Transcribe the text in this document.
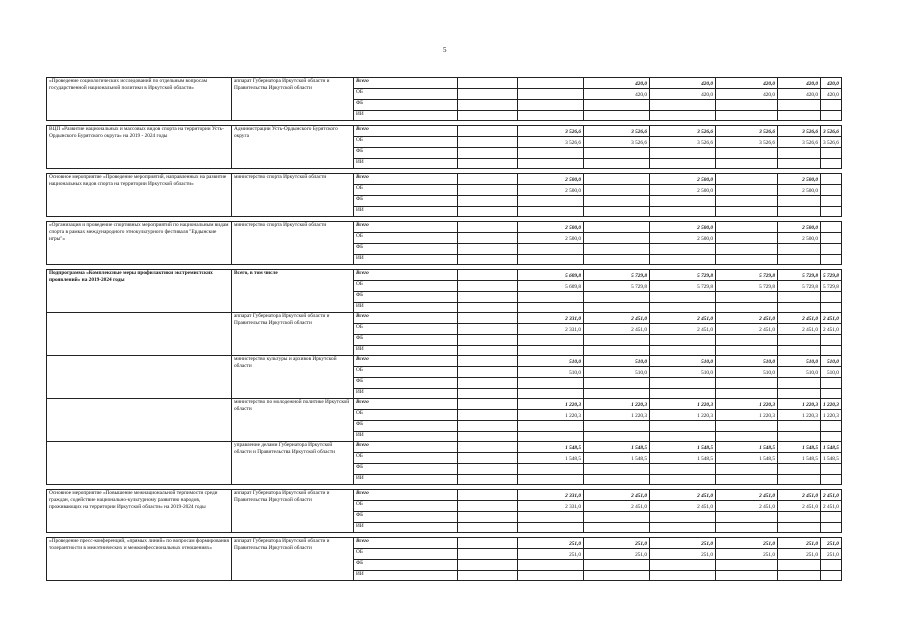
5
«Проведение социологических исследований по отдельным вопросам государственной национальной политики в Иркутской области»	аппарат Губернатора Иркутской области и Правительства Иркутской области	Всего			420,0	420,0	420,0	420,0	420,0
		ОБ			420,0	420,0	420,0	420,0	420,0
		ФБ							
		ИИ							

ВЦП «Развитие национальных и массовых видов спорта на территории Усть-Ордынского Бурятского округа» на 2019 - 2024 годы	Администрации Усть-Ордынского Бурятского округа	Всего		3 526,6	3 526,6	3 526,6	3 526,6	3 526,6	3 526,6
		ОБ		3 526,6	3 526,6	3 526,6	3 526,6	3 526,6	3 526,6
		ФБ							
		ИИ							

Основное мероприятие «Проведение мероприятий, направленных на развитие национальных видов спорта на территории Иркутской области»	министерство спорта Иркутской области	Всего		2 500,0		2 500,0		2 500,0	
		ОБ		2 500,0		2 500,0		2 500,0	
		ФБ							
		ИИ							

«Организация и проведение спортивных мероприятий по национальным видам спорта в рамках международного этнокультурного фестиваля "Ердынские игры"»	министерство спорта Иркутской области	Всего		2 500,0		2 500,0		2 500,0	
		ОБ		2 500,0		2 500,0		2 500,0	
		ФБ							
		ИИ							

Подпрограмма «Комплексные меры профилактики экстремистских проявлений» на 2019-2024 годы	Всего, в том числе	Всего		5 609,8	5 729,8	5 729,8	5 729,8	5 729,8	5 729,8
		ОБ		5 609,8	5 729,8	5 729,8	5 729,8	5 729,8	5 729,8
		ФБ							
		ИИ							
	аппарат Губернатора Иркутской области и Правительства Иркутской области	Всего		2 331,0	2 451,0	2 451,0	2 451,0	2 451,0	2 451,0
		ОБ		2 331,0	2 451,0	2 451,0	2 451,0	2 451,0	2 451,0
		ФБ							
		ИИ							
	министерство культуры и архивов Иркутской области	Всего		510,0	510,0	510,0	510,0	510,0	510,0
		ОБ		510,0	510,0	510,0	510,0	510,0	510,0
		ФБ							
		ИИ							
	министерство по молодежной политике Иркутской области	Всего		1 220,3	1 220,3	1 220,3	1 220,3	1 220,3	1 220,3
		ОБ		1 220,3	1 220,3	1 220,3	1 220,3	1 220,3	1 220,3
		ФБ							
		ИИ							
	управление делами Губернатора Иркутской области и Правительства Иркутской области	Всего		1 548,5	1 548,5	1 548,5	1 548,5	1 548,5	1 548,5
		ОБ		1 548,5	1 548,5	1 548,5	1 548,5	1 548,5	1 548,5
		ФБ							
		ИИ							

Основное мероприятие «Повышение межнациональной терпимости среди граждан, содействие национально-культурному развитию народов, проживающих на территории Иркутской области» на 2019-2024 годы	аппарат Губернатора Иркутской области и Правительства Иркутской области	Всего		2 331,0	2 451,0	2 451,0	2 451,0	2 451,0	2 451,0
		ОБ		2 331,0	2 451,0	2 451,0	2 451,0	2 451,0	2 451,0
		ФБ							
		ИИ							

«Проведение пресс-конференций, «прямых линий» по вопросам формирования толерантности в межэтнических и межконфессиональных отношениях»	аппарат Губернатора Иркутской области и Правительства Иркутской области	Всего		251,0	251,0	251,0	251,0	251,0	251,0
		ОБ		251,0	251,0	251,0	251,0	251,0	251,0
		ФБ							
		ИИ							
